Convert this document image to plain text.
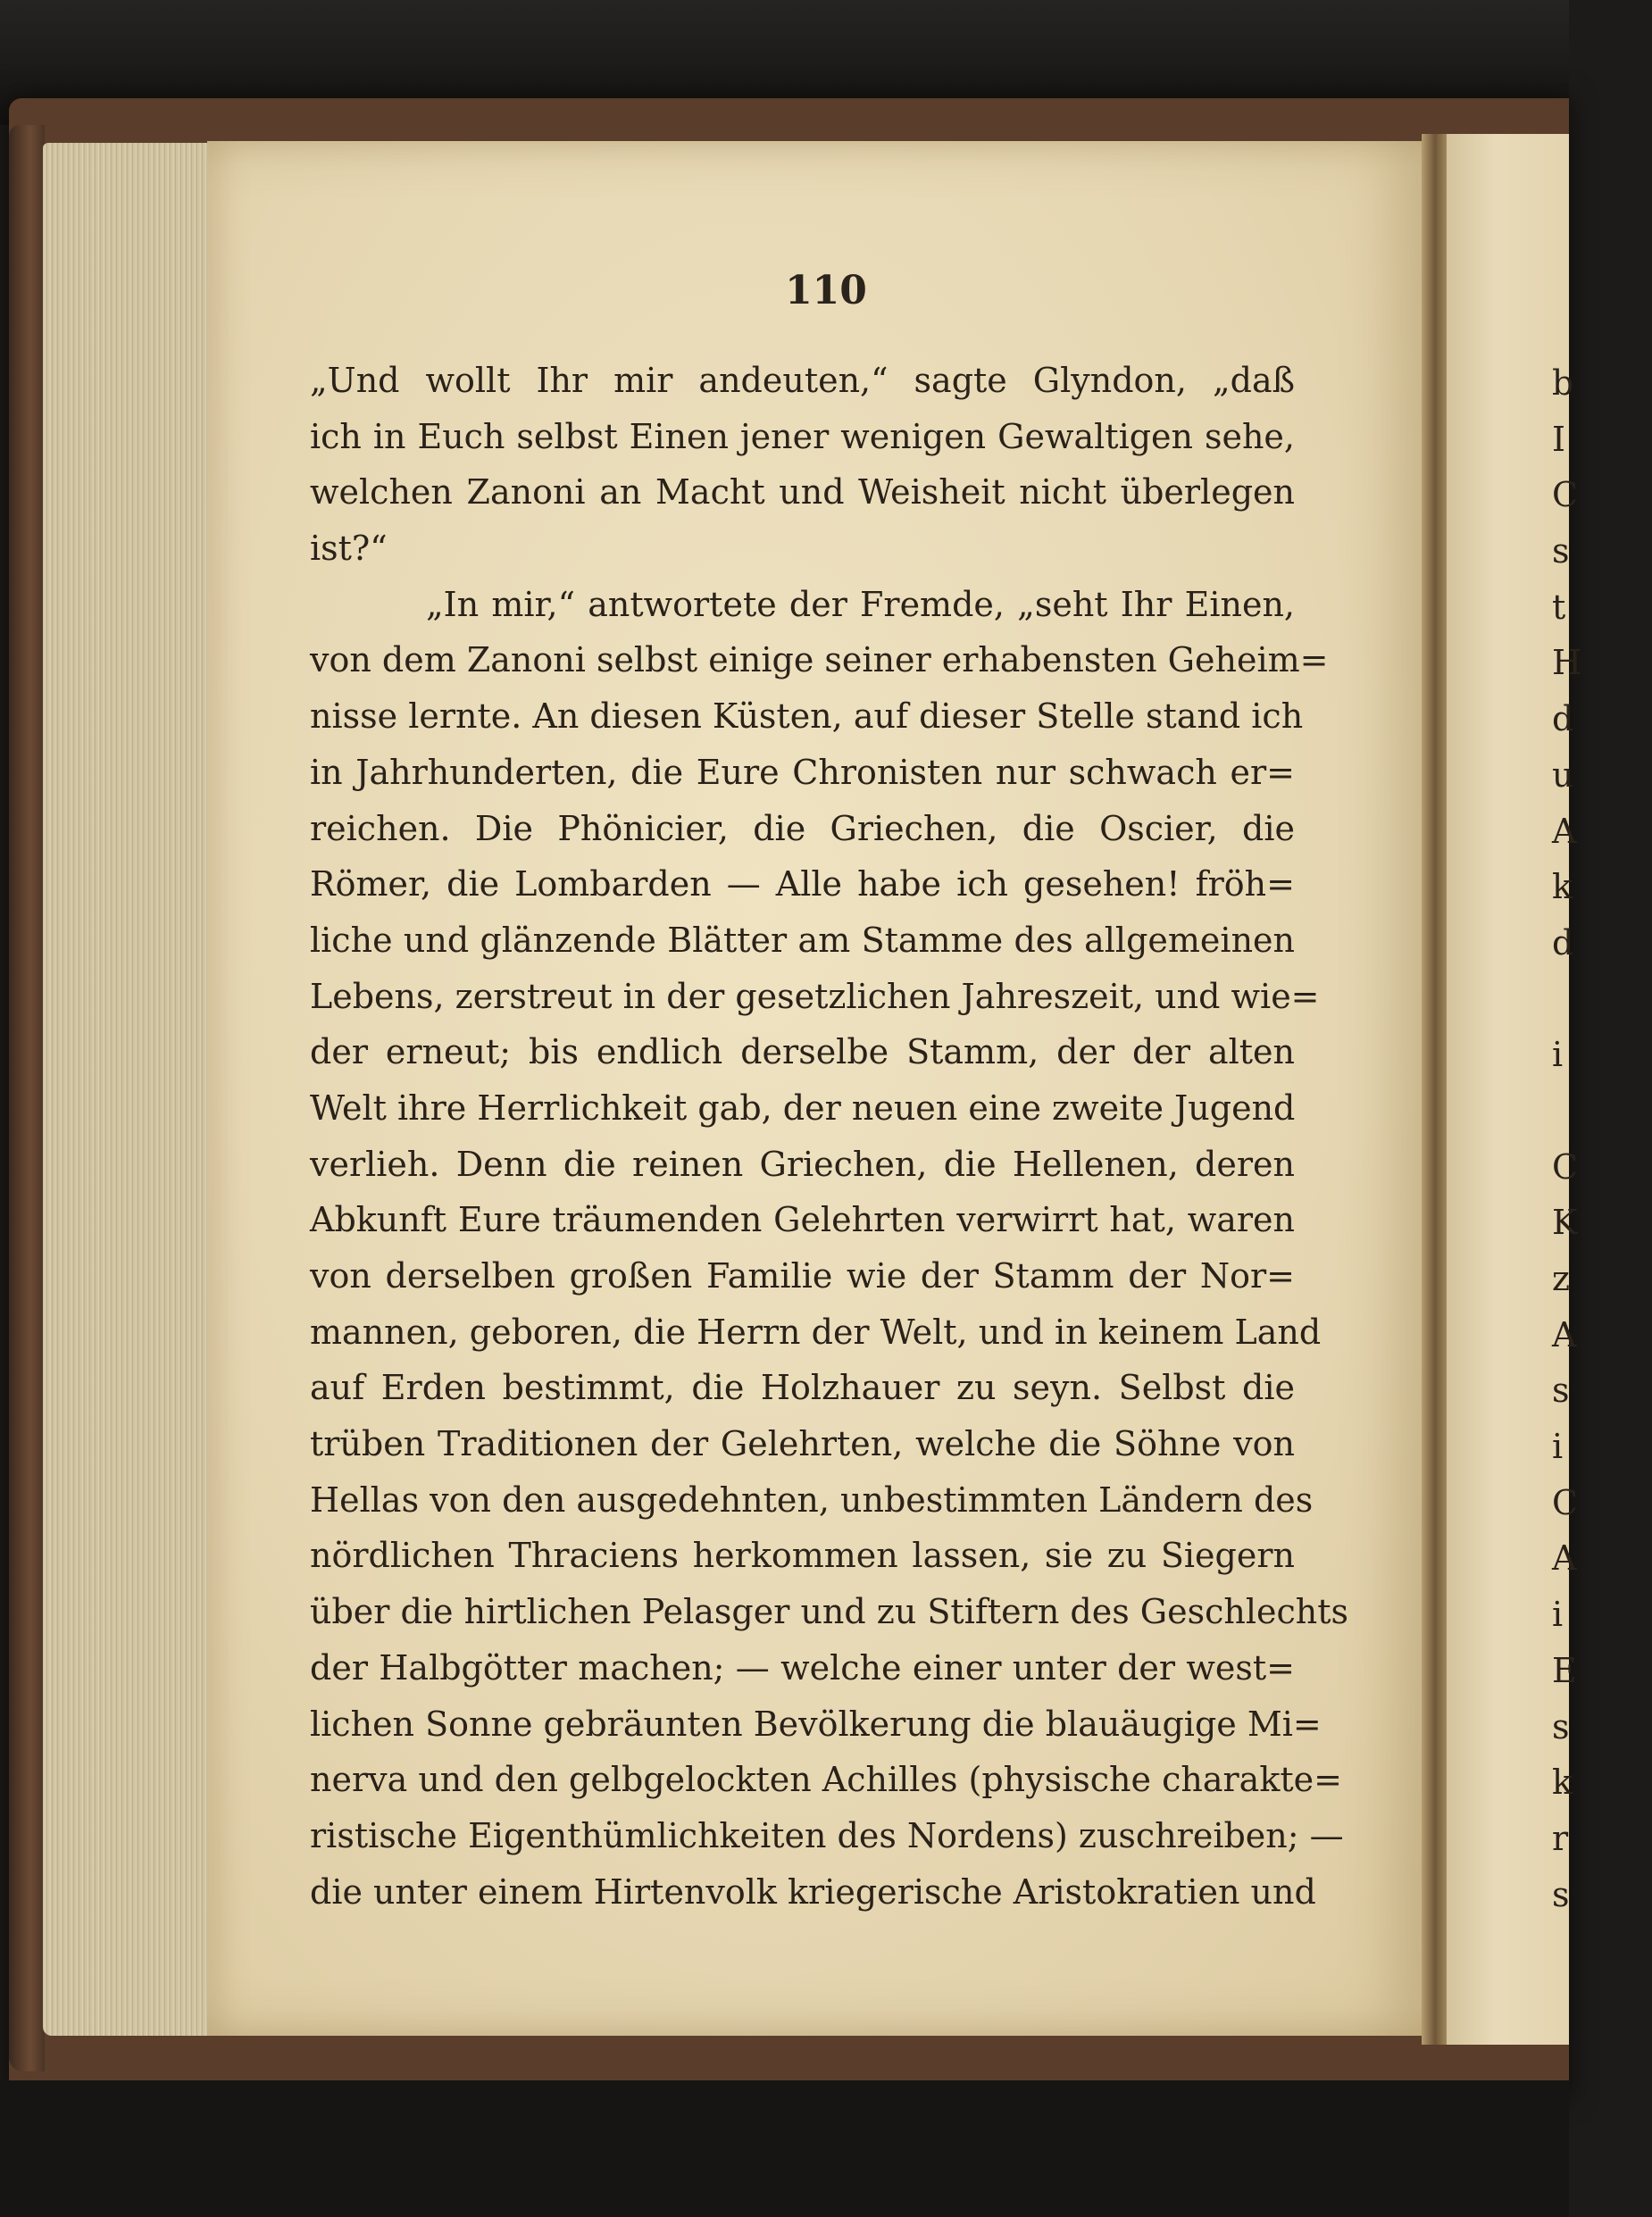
110
„Und wollt Ihr mir andeuten,“ sagte Glyndon, „daß
ich in Euch selbst Einen jener wenigen Gewaltigen sehe,
welchen Zanoni an Macht und Weisheit nicht überlegen
ist?“
„In mir,“ antwortete der Fremde, „seht Ihr Einen,
von dem Zanoni selbst einige seiner erhabensten Geheim=
nisse lernte. An diesen Küsten, auf dieser Stelle stand ich
in Jahrhunderten, die Eure Chronisten nur schwach er=
reichen. Die Phönicier, die Griechen, die Oscier, die
Römer, die Lombarden — Alle habe ich gesehen! fröh=
liche und glänzende Blätter am Stamme des allgemeinen
Lebens, zerstreut in der gesetzlichen Jahreszeit, und wie=
der erneut; bis endlich derselbe Stamm, der der alten
Welt ihre Herrlichkeit gab, der neuen eine zweite Jugend
verlieh. Denn die reinen Griechen, die Hellenen, deren
Abkunft Eure träumenden Gelehrten verwirrt hat, waren
von derselben großen Familie wie der Stamm der Nor=
mannen, geboren, die Herrn der Welt, und in keinem Land
auf Erden bestimmt, die Holzhauer zu seyn. Selbst die
trüben Traditionen der Gelehrten, welche die Söhne von
Hellas von den ausgedehnten, unbestimmten Ländern des
nördlichen Thraciens herkommen lassen, sie zu Siegern
über die hirtlichen Pelasger und zu Stiftern des Geschlechts
der Halbgötter machen; — welche einer unter der west=
lichen Sonne gebräunten Bevölkerung die blauäugige Mi=
nerva und den gelbgelockten Achilles (physische charakte=
ristische Eigenthümlichkeiten des Nordens) zuschreiben; —
die unter einem Hirtenvolk kriegerische Aristokratien und
b
I
C
s
t
H
d
u
A
k
d
i
C
K
z
A
s
i
C
A
i
E
s
k
r
s
